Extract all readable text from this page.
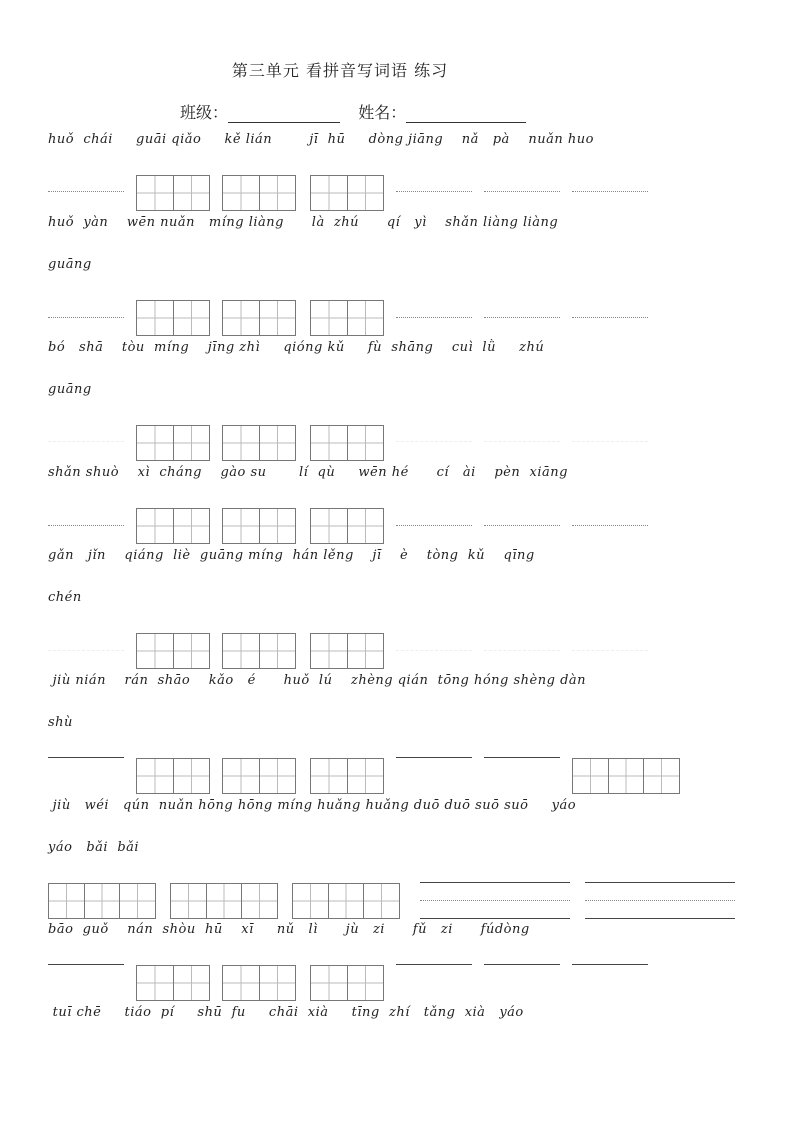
第三单元 看拼音写词语 练习
班级：	姓名：
huǒ  chái     guāi qiǎo     kě lián        jī  hū     dòng jiāng    nǎ   pà    nuǎn huo
huǒ  yàn    wēn nuǎn   míng liàng      là  zhú      qí   yì    shǎn liàng liàng
guāng
bó   shā    tòu  míng    jīng zhì     qióng kǔ     fù  shāng    cuì  lǜ     zhú
guāng
shǎn shuò    xì  cháng    gào su       lí  qù     wēn hé      cí   ài    pèn  xiāng
gǎn   jǐn    qiáng  liè  guāng míng  hán lěng    jī    è    tòng  kǔ    qīng
chén
jiù nián    rán  shāo    kǎo   é      huǒ  lú    zhèng qián  tōng hóng shèng dàn
shù
jiù   wéi   qún  nuǎn hōng hōng míng huǎng huǎng duō duō suō suō     yáo
yáo   bǎi  bǎi
bāo  guǒ    nán  shòu  hū    xī     nǔ   lì      jù   zi      fǔ   zi      fúdòng
tuī chē     tiáo  pí     shū  fu     chāi  xià     tīng  zhí   tǎng  xià   yáo
